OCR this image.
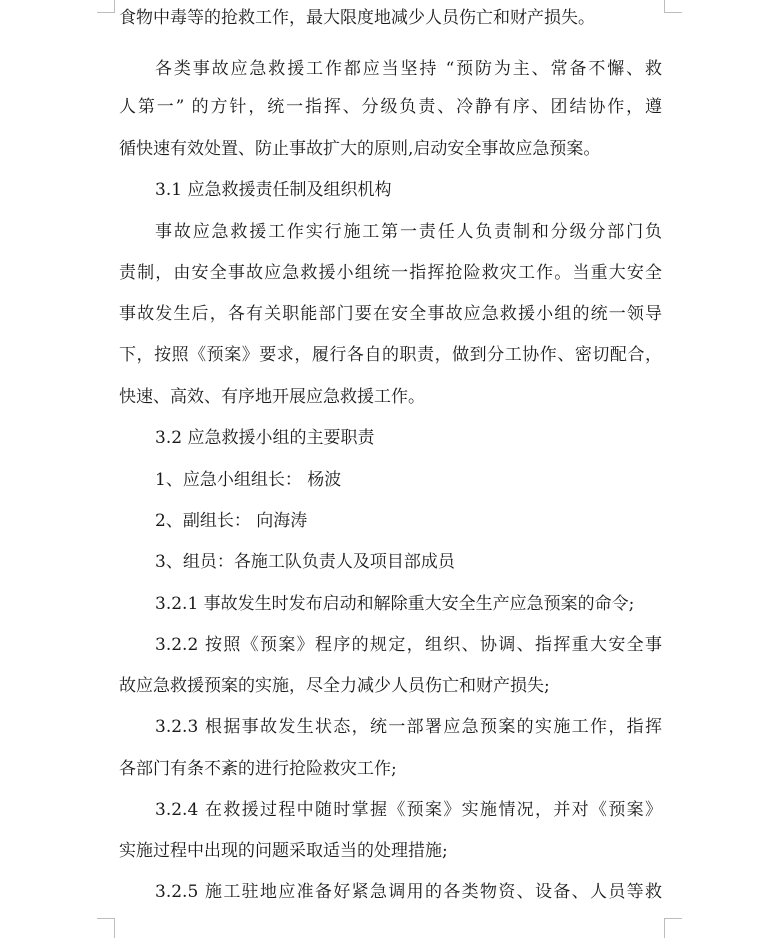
食物中毒等的抢救工作，最大限度地减少人员伤亡和财产损失。
各类事故应急救援工作都应当坚持 “预防为主、常备不懈、救
人第一” 的方针，统一指挥、分级负责、冷静有序、团结协作，遵
循快速有效处置、防止事故扩大的原则,启动安全事故应急预案。
3.1 应急救援责任制及组织机构
事故应急救援工作实行施工第一责任人负责制和分级分部门负
责制，由安全事故应急救援小组统一指挥抢险救灾工作。当重大安全
事故发生后，各有关职能部门要在安全事故应急救援小组的统一领导
下，按照《预案》要求，履行各自的职责，做到分工协作、密切配合，
快速、高效、有序地开展应急救援工作。
3.2 应急救援小组的主要职责
1、应急小组组长： 杨波
2、副组长： 向海涛
3、组员：各施工队负责人及项目部成员
3.2.1 事故发生时发布启动和解除重大安全生产应急预案的命令;
3.2.2 按照《预案》程序的规定，组织、协调、指挥重大安全事
故应急救援预案的实施，尽全力减少人员伤亡和财产损失;
3.2.3 根据事故发生状态，统一部署应急预案的实施工作，指挥
各部门有条不紊的进行抢险救灾工作;
3.2.4 在救援过程中随时掌握《预案》实施情况，并对《预案》
实施过程中出现的问题采取适当的处理措施;
3.2.5 施工驻地应准备好紧急调用的各类物资、设备、人员等救
